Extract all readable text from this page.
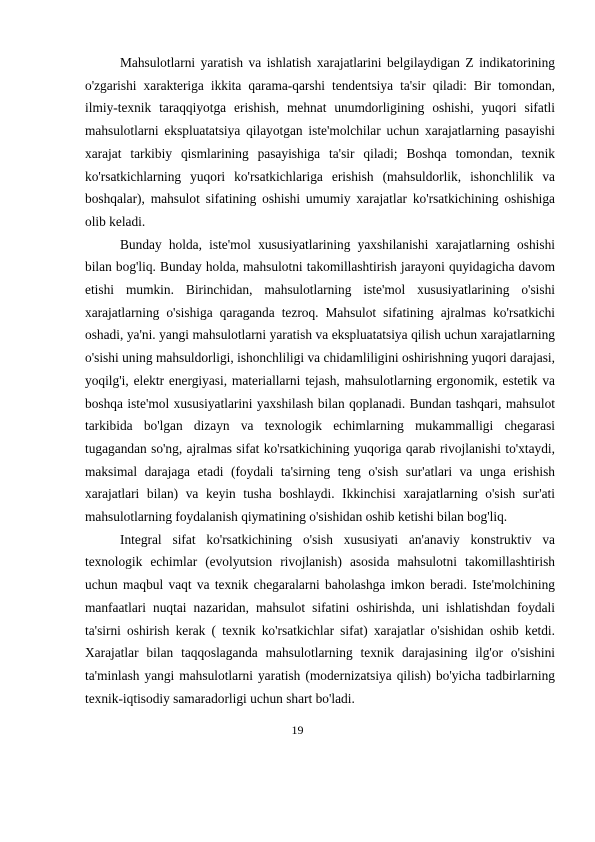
Mahsulotlarni yaratish va ishlatish xarajatlarini belgilaydigan Z indikatorining o'zgarishi xarakteriga ikkita qarama-qarshi tendentsiya ta'sir qiladi: Bir tomondan, ilmiy-texnik taraqqiyotga erishish, mehnat unumdorligining oshishi, yuqori sifatli mahsulotlarni ekspluatatsiya qilayotgan iste'molchilar uchun xarajatlarning pasayishi xarajat tarkibiy qismlarining pasayishiga ta'sir qiladi; Boshqa tomondan, texnik ko'rsatkichlarning yuqori ko'rsatkichlariga erishish (mahsuldorlik, ishonchlilik va boshqalar), mahsulot sifatining oshishi umumiy xarajatlar ko'rsatkichining oshishiga olib keladi.

Bunday holda, iste'mol xususiyatlarining yaxshilanishi xarajatlarning oshishi bilan bog'liq. Bunday holda, mahsulotni takomillashtirish jarayoni quyidagicha davom etishi mumkin. Birinchidan, mahsulotlarning iste'mol xususiyatlarining o'sishi xarajatlarning o'sishiga qaraganda tezroq. Mahsulot sifatining ajralmas ko'rsatkichi oshadi, ya'ni. yangi mahsulotlarni yaratish va ekspluatatsiya qilish uchun xarajatlarning o'sishi uning mahsuldorligi, ishonchliligi va chidamliligini oshirishning yuqori darajasi, yoqilg'i, elektr energiyasi, materiallarni tejash, mahsulotlarning ergonomik, estetik va boshqa iste'mol xususiyatlarini yaxshilash bilan qoplanadi. Bundan tashqari, mahsulot tarkibida bo'lgan dizayn va texnologik echimlarning mukammalligi chegarasi tugagandan so'ng, ajralmas sifat ko'rsatkichining yuqoriga qarab rivojlanishi to'xtaydi, maksimal darajaga etadi (foydali ta'sirning teng o'sish sur'atlari va unga erishish xarajatlari bilan) va keyin tusha boshlaydi. Ikkinchisi xarajatlarning o'sish sur'ati mahsulotlarning foydalanish qiymatining o'sishidan oshib ketishi bilan bog'liq.

Integral sifat ko'rsatkichining o'sish xususiyati an'anaviy konstruktiv va texnologik echimlar (evolyutsion rivojlanish) asosida mahsulotni takomillashtirish uchun maqbul vaqt va texnik chegaralarni baholashga imkon beradi. Iste'molchining manfaatlari nuqtai nazaridan, mahsulot sifatini oshirishda, uni ishlatishdan foydali ta'sirni oshirish kerak ( texnik ko'rsatkichlar sifat) xarajatlar o'sishidan oshib ketdi. Xarajatlar bilan taqqoslaganda mahsulotlarning texnik darajasining ilg'or o'sishini ta'minlash yangi mahsulotlarni yaratish (modernizatsiya qilish) bo'yicha tadbirlarning texnik-iqtisodiy samaradorligi uchun shart bo'ladi.

19
